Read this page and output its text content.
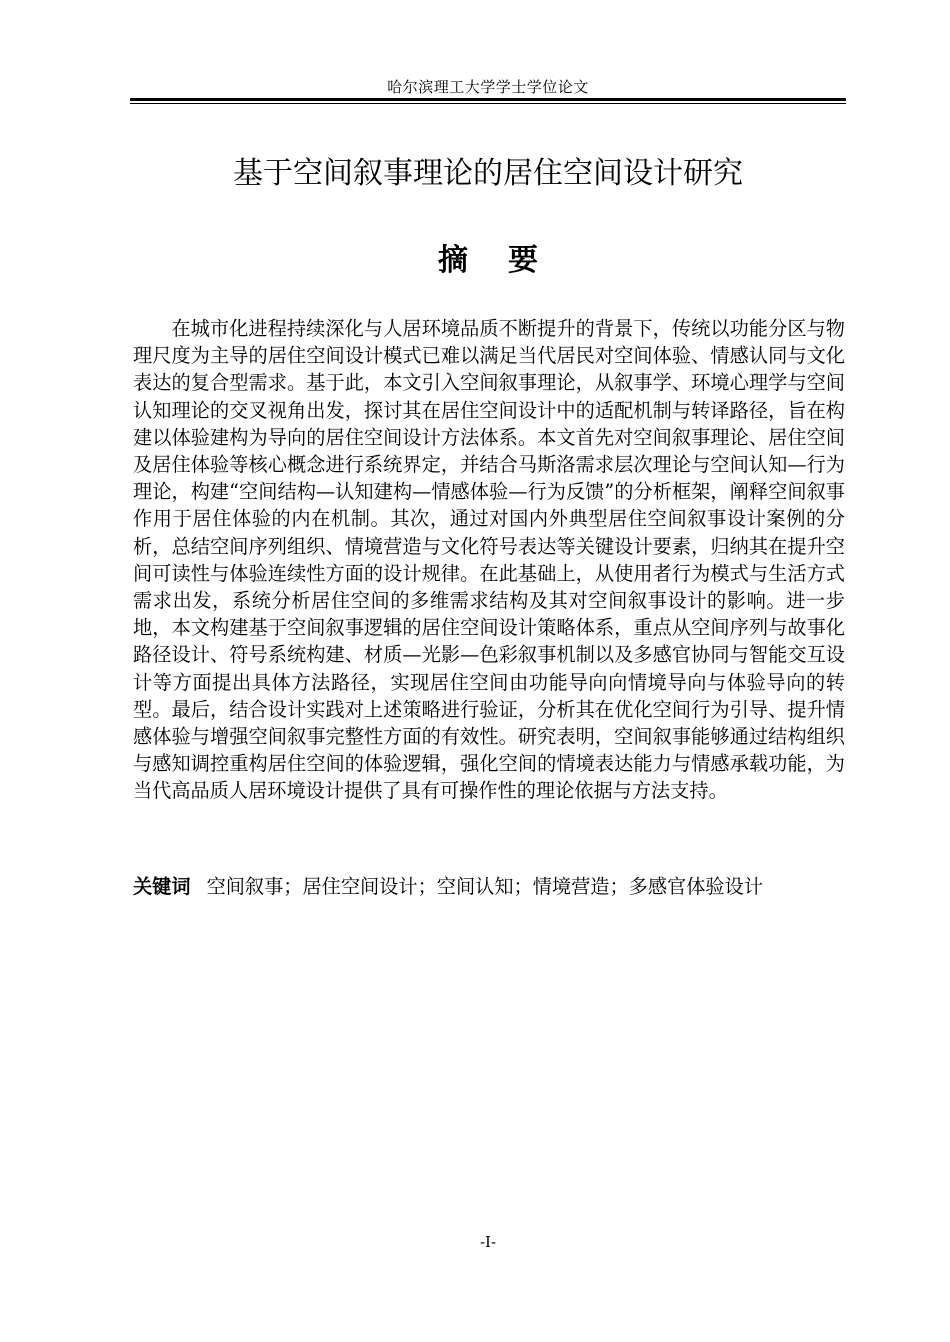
哈尔滨理工大学学士学位论文
基于空间叙事理论的居住空间设计研究
摘要

在城市化进程持续深化与人居环境品质不断提升的背景下，传统以功能分区与物理尺度为主导的居住空间设计模式已难以满足当代居民对空间体验、情感认同与文化表达的复合型需求。基于此，本文引入空间叙事理论，从叙事学、环境心理学与空间认知理论的交叉视角出发，探讨其在居住空间设计中的适配机制与转译路径，旨在构建以体验建构为导向的居住空间设计方法体系。本文首先对空间叙事理论、居住空间及居住体验等核心概念进行系统界定，并结合马斯洛需求层次理论与空间认知—行为理论，构建“空间结构—认知建构—情感体验—行为反馈”的分析框架，阐释空间叙事作用于居住体验的内在机制。其次，通过对国内外典型居住空间叙事设计案例的分析，总结空间序列组织、情境营造与文化符号表达等关键设计要素，归纳其在提升空间可读性与体验连续性方面的设计规律。在此基础上，从使用者行为模式与生活方式需求出发，系统分析居住空间的多维需求结构及其对空间叙事设计的影响。进一步地，本文构建基于空间叙事逻辑的居住空间设计策略体系，重点从空间序列与故事化路径设计、符号系统构建、材质—光影—色彩叙事机制以及多感官协同与智能交互设计等方面提出具体方法路径，实现居住空间由功能导向向情境导向与体验导向的转型。最后，结合设计实践对上述策略进行验证，分析其在优化空间行为引导、提升情感体验与增强空间叙事完整性方面的有效性。研究表明，空间叙事能够通过结构组织与感知调控重构居住空间的体验逻辑，强化空间的情境表达能力与情感承载功能，为当代高品质人居环境设计提供了具有可操作性的理论依据与方法支持。

关键词 空间叙事；居住空间设计；空间认知；情境营造；多感官体验设计

-I-
